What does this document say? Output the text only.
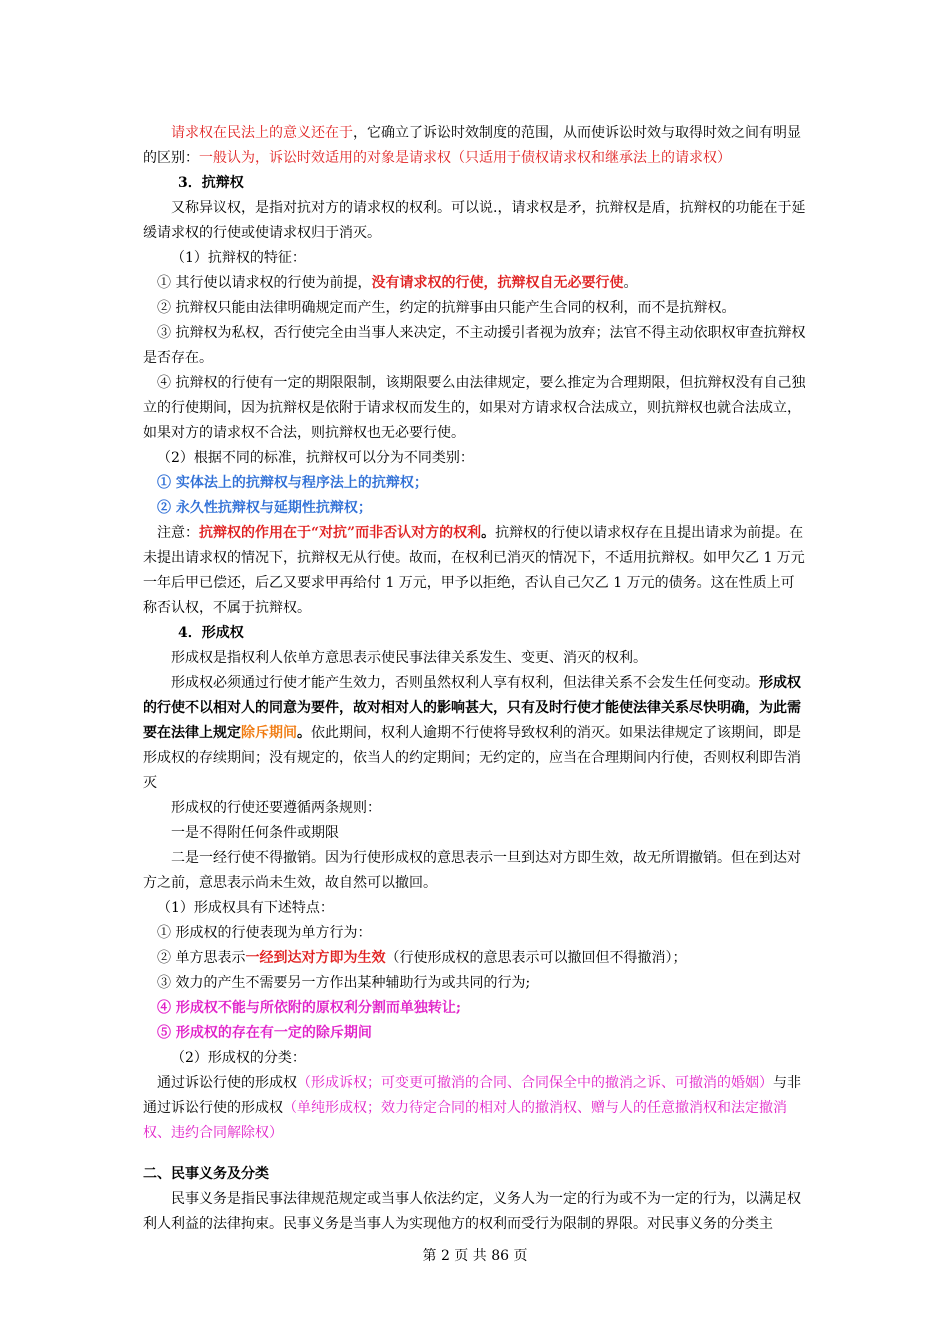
请求权在民法上的意义还在于，它确立了诉讼时效制度的范围，从而使诉讼时效与取得时效之间有明显的区别：一般认为，诉讼时效适用的对象是请求权（只适用于债权请求权和继承法上的请求权）

3．抗辩权

又称异议权，是指对抗对方的请求权的权利。可以说.，请求权是矛，抗辩权是盾，抗辩权的功能在于延缓请求权的行使或使请求权归于消灭。

（1）抗辩权的特征：

① 其行使以请求权的行使为前提，没有请求权的行使，抗辩权自无必要行使。

② 抗辩权只能由法律明确规定而产生，约定的抗辩事由只能产生合同的权利，而不是抗辩权。

③ 抗辩权为私权，否行使完全由当事人来决定，不主动援引者视为放弃；法官不得主动依职权审查抗辩权是否存在。

④ 抗辩权的行使有一定的期限限制，该期限要么由法律规定，要么推定为合理期限，但抗辩权没有自己独立的行使期间，因为抗辩权是依附于请求权而发生的，如果对方请求权合法成立，则抗辩权也就合法成立，如果对方的请求权不合法，则抗辩权也无必要行使。

（2）根据不同的标准，抗辩权可以分为不同类别：

① 实体法上的抗辩权与程序法上的抗辩权；

② 永久性抗辩权与延期性抗辩权；

注意：抗辩权的作用在于“对抗”而非否认对方的权利。抗辩权的行使以请求权存在且提出请求为前提。在未提出请求权的情况下，抗辩权无从行使。故而，在权利已消灭的情况下，不适用抗辩权。如甲欠乙 1 万元一年后甲已偿还，后乙又要求甲再给付 1 万元，甲予以拒绝，否认自己欠乙 1 万元的债务。这在性质上可称否认权，不属于抗辩权。

4．形成权

形成权是指权利人依单方意思表示使民事法律关系发生、变更、消灭的权利。

形成权必须通过行使才能产生效力，否则虽然权利人享有权利，但法律关系不会发生任何变动。形成权的行使不以相对人的同意为要件，故对相对人的影响甚大，只有及时行使才能使法律关系尽快明确，为此需要在法律上规定除斥期间。依此期间，权利人逾期不行使将导致权利的消灭。如果法律规定了该期间，即是形成权的存续期间；没有规定的，依当人的约定期间；无约定的，应当在合理期间内行使，否则权利即告消灭

形成权的行使还要遵循两条规则：

一是不得附任何条件或期限

二是一经行使不得撤销。因为行使形成权的意思表示一旦到达对方即生效，故无所谓撤销。但在到达对方之前，意思表示尚未生效，故自然可以撤回。

（1）形成权具有下述特点：

① 形成权的行使表现为单方行为：

② 单方思表示一经到达对方即为生效（行使形成权的意思表示可以撤回但不得撤消）；

③ 效力的产生不需要另一方作出某种辅助行为或共同的行为;

④ 形成权不能与所依附的原权利分割而单独转让;

⑤ 形成权的存在有一定的除斥期间

（2）形成权的分类：

通过诉讼行使的形成权（形成诉权；可变更可撤消的合同、合同保全中的撤消之诉、可撤消的婚姻）与非通过诉讼行使的形成权（单纯形成权；效力待定合同的相对人的撤消权、赠与人的任意撤消权和法定撤消权、违约合同解除权）

二、民事义务及分类

民事义务是指民事法律规范规定或当事人依法约定，义务人为一定的行为或不为一定的行为，以满足权利人利益的法律拘束。民事义务是当事人为实现他方的权利而受行为限制的界限。对民事义务的分类主

第 2 页 共 86 页
